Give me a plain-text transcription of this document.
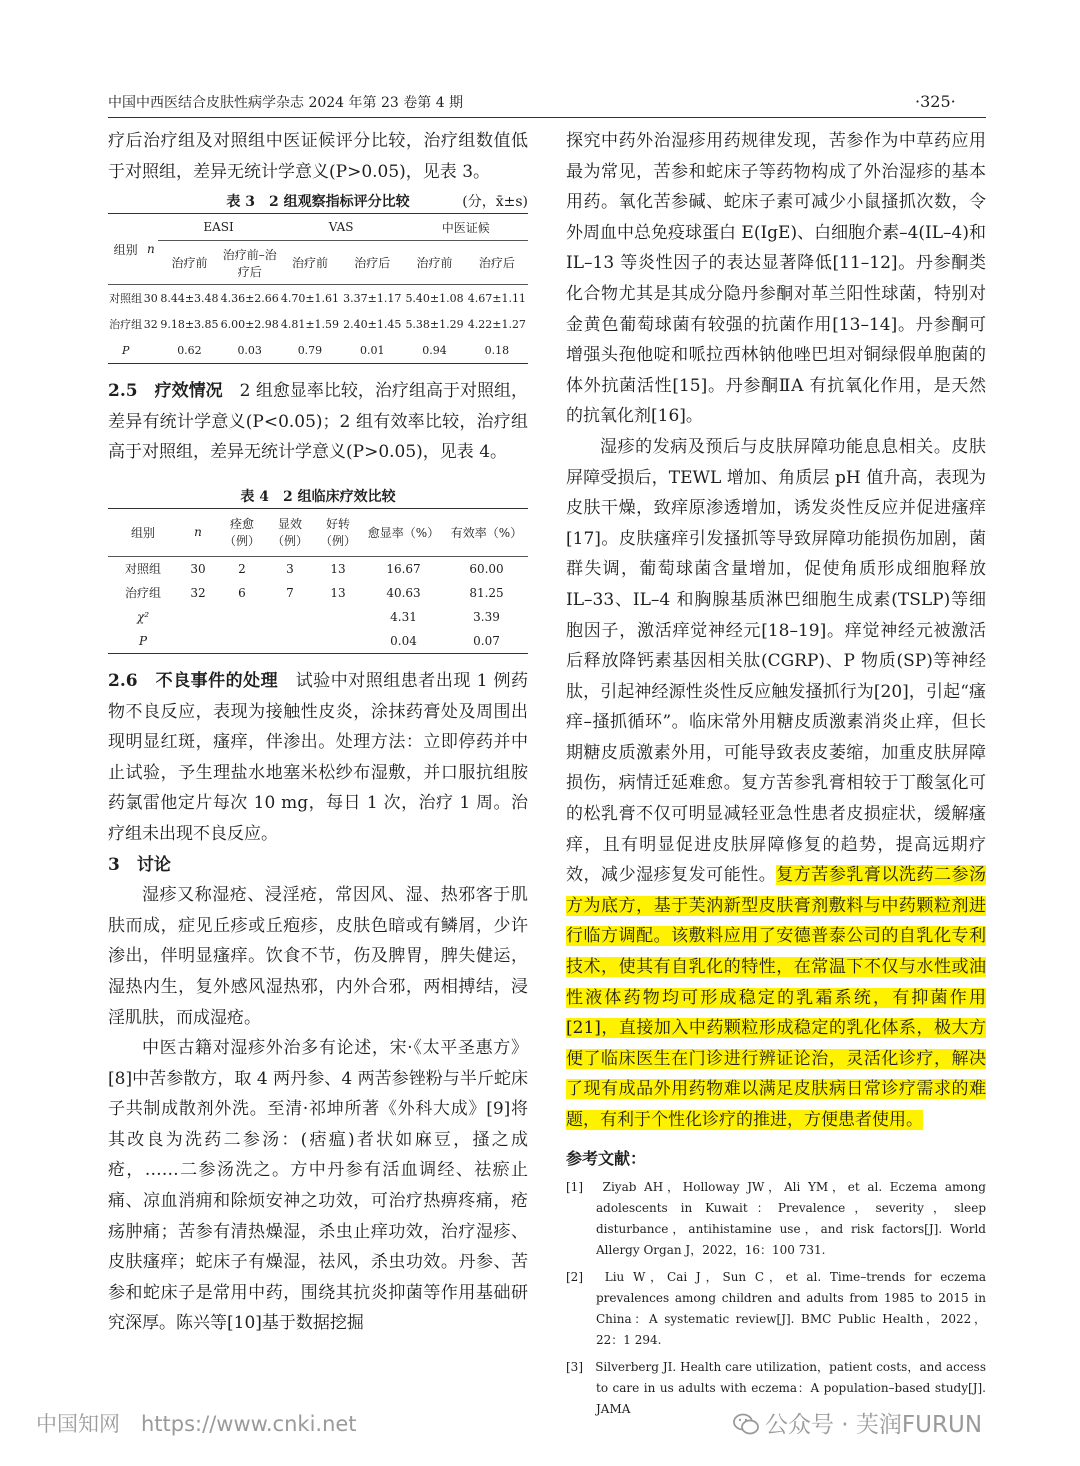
中国中西医结合皮肤性病学杂志 2024 年第 23 卷第 4 期	·325·

疗后治疗组及对照组中医证候评分比较，治疗组数值低于对照组，差异无统计学意义(P>0.05)，见表 3。

表 3　2 组观察指标评分比较	(分，x̄±s)
组别	n	EASI		VAS		中医证候	
		治疗前	治疗前–治疗后	治疗前	治疗后	治疗前	治疗后
对照组	30	8.44±3.48	4.36±2.66	4.70±1.61	3.37±1.17	5.40±1.08	4.67±1.11
治疗组	32	9.18±3.85	6.00±2.98	4.81±1.59	2.40±1.45	5.38±1.29	4.22±1.27
P		0.62	0.03	0.79	0.01	0.94	0.18

2.5　疗效情况　 2 组愈显率比较，治疗组高于对照组，差异有统计学意义(P<0.05)；2 组有效率比较，治疗组高于对照组，差异无统计学意义(P>0.05)，见表 4。

表 4　2 组临床疗效比较
组别	n	痊愈（例）	显效（例）	好转（例）	愈显率（%）	有效率（%）
对照组	30	2	3	13	16.67	60.00
治疗组	32	6	7	13	40.63	81.25
χ²					4.31	3.39
P					0.04	0.07

2.6　不良事件的处理　 试验中对照组患者出现 1 例药物不良反应，表现为接触性皮炎，涂抹药膏处及周围出现明显红斑，瘙痒，伴渗出。处理方法：立即停药并中止试验，予生理盐水地塞米松纱布湿敷，并口服抗组胺药氯雷他定片每次 10 mg，每日 1 次，治疗 1 周。治疗组未出现不良反应。

3　讨论

湿疹又称湿疮、浸淫疮，常因风、湿、热邪客于肌肤而成，症见丘疹或丘疱疹，皮肤色暗或有鳞屑，少许渗出，伴明显瘙痒。饮食不节，伤及脾胃，脾失健运，湿热内生，复外感风湿热邪，内外合邪，两相搏结，浸淫肌肤，而成湿疮。

中医古籍对湿疹外治多有论述，宋·《太平圣惠方》[8]中苦参散方，取 4 两丹参、4 两苦参锉粉与半斤蛇床子共制成散剂外洗。至清·祁坤所著《外科大成》[9]将其改良为洗药二参汤：(痞瘟)者状如麻豆，搔之成疮，……二参汤洗之。方中丹参有活血调经、祛瘀止痛、凉血消痈和除烦安神之功效，可治疗热痹疼痛，疮疡肿痛；苦参有清热燥湿，杀虫止痒功效，治疗湿疹、皮肤瘙痒；蛇床子有燥湿，祛风，杀虫功效。丹参、苦参和蛇床子是常用中药，围绕其抗炎抑菌等作用基础研究深厚。陈兴等[10]基于数据挖掘

探究中药外治湿疹用药规律发现，苦参作为中草药应用最为常见，苦参和蛇床子等药物构成了外治湿疹的基本用药。氧化苦参碱、蛇床子素可减少小鼠搔抓次数，令外周血中总免疫球蛋白 E(IgE)、白细胞介素–4(IL–4)和 IL–13 等炎性因子的表达显著降低[11–12]。丹参酮类化合物尤其是其成分隐丹参酮对革兰阳性球菌，特别对金黄色葡萄球菌有较强的抗菌作用[13–14]。丹参酮可增强头孢他啶和哌拉西林钠他唑巴坦对铜绿假单胞菌的体外抗菌活性[15]。丹参酮ⅡA 有抗氧化作用，是天然的抗氧化剂[16]。

湿疹的发病及预后与皮肤屏障功能息息相关。皮肤屏障受损后，TEWL 增加、角质层 pH 值升高，表现为皮肤干燥，致痒原渗透增加，诱发炎性反应并促进瘙痒[17]。皮肤瘙痒引发搔抓等导致屏障功能损伤加剧，菌群失调，葡萄球菌含量增加，促使角质形成细胞释放 IL–33、IL–4 和胸腺基质淋巴细胞生成素(TSLP)等细胞因子，激活痒觉神经元[18–19]。痒觉神经元被激活后释放降钙素基因相关肽(CGRP)、P 物质(SP)等神经肽，引起神经源性炎性反应触发搔抓行为[20]，引起“瘙痒–搔抓循环”。临床常外用糖皮质激素消炎止痒，但长期糖皮质激素外用，可能导致表皮萎缩，加重皮肤屏障损伤，病情迁延难愈。复方苦参乳膏相较于丁酸氢化可的松乳膏不仅可明显减轻亚急性患者皮损症状，缓解瘙痒，且有明显促进皮肤屏障修复的趋势，提高远期疗效，减少湿疹复发可能性。复方苦参乳膏以洗药二参汤方为底方，基于芙汭新型皮肤膏剂敷料与中药颗粒剂进行临方调配。该敷料应用了安德普泰公司的自乳化专利技术，使其有自乳化的特性，在常温下不仅与水性或油性液体药物均可形成稳定的乳霜系统，有抑菌作用[21]，直接加入中药颗粒形成稳定的乳化体系，极大方便了临床医生在门诊进行辨证论治，灵活化诊疗，解决了现有成品外用药物难以满足皮肤病日常诊疗需求的难题，有利于个性化诊疗的推进，方便患者使用。

参考文献：
[1]　Ziyab AH，Holloway JW，Ali YM，et al. Eczema among adolescents in Kuwait：Prevalence，severity，sleep disturbance，antihistamine use，and risk factors[J]. World Allergy Organ J，2022，16：100 731.
[2]　Liu W，Cai J，Sun C，et al. Time–trends for eczema prevalences among children and adults from 1985 to 2015 in China：A systematic review[J]. BMC Public Health，2022，22：1 294.
[3]　Silverberg JI. Health care utilization，patient costs，and access to care in us adults with eczema：A population–based study[J]. JAMA
中国知网　https://www.cnki.net	公众号 · 芙润FURUN
